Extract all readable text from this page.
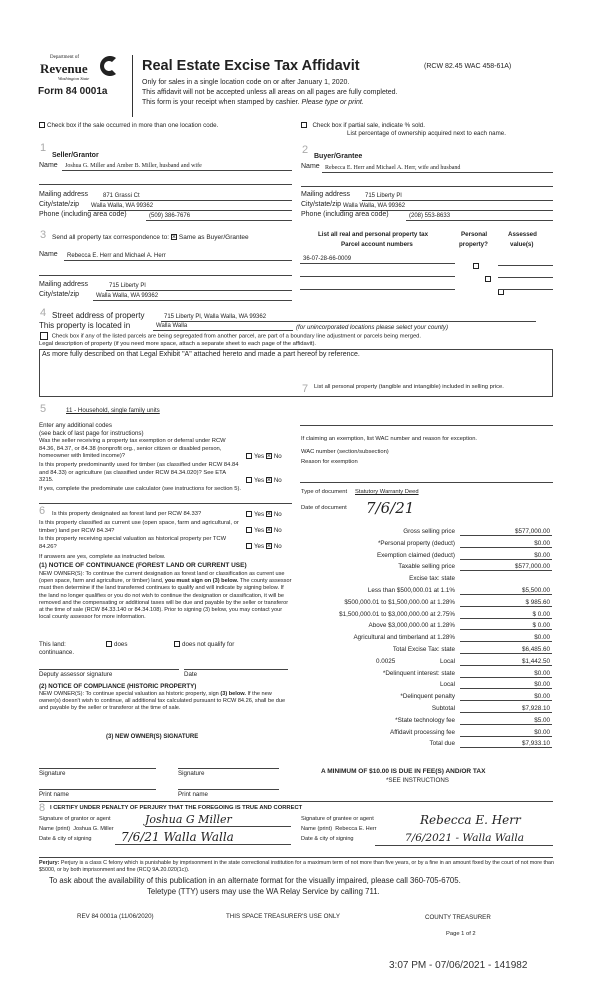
Department of
Revenue
Washington State
Form 84 0001a
Real Estate Excise Tax Affidavit	(RCW 82.45 WAC 458-61A)
Only for sales in a single location code on or after January 1, 2020.
This affidavit will not be accepted unless all areas on all pages are fully completed.
This form is your receipt when stamped by cashier. Please type or print.
Check box if the sale occurred in more than one location code.	Check box if partial sale, indicate % sold.
List percentage of ownership acquired next to each name.
1
Seller/Grantor
Name	Joshua G. Miller and Amber B. Miller, husband and wife
Mailing address	871 Grassi Ct
City/state/zip	Walla Walla, WA 99362
Phone (including area code)	(509) 386-7676
2
Buyer/Grantee
Name Rebecca E. Herr and Michael A. Herr, wife and husband
Mailing address	715 Liberty Pl
City/state/zip Walla Walla, WA 99362
Phone (including area code)	(208) 553-8633
3 Send all property tax correspondence to: × Same as Buyer/Grantee
Name	Rebecca E. Herr and Michael A. Herr
Mailing address	715 Liberty Pl
City/state/zip	Walla Walla, WA 99362
List all real and personal property tax
Parcel account numbers
Personal
property?
Assessed
value(s)
36-07-28-66-0009

4 Street address of property	715 Liberty Pl, Walla Walla, WA 99362
This property is located in	Walla Walla	(for unincorporated locations please select your county)
Check box if any of the listed parcels are being segregated from another parcel, are part of a boundary line adjustment or parcels being merged.
Legal description of property (if you need more space, attach a separate sheet to each page of the affidavit).
As more fully described on that Legal Exhibit "A" attached hereto and made a part hereof by reference.
5	11 - Household, single family units
Enter any additional codes
(see back of last page for instructions)
Was the seller receiving a property tax exemption or deferral under RCW 84.36, 84.37, or 84.38 (nonprofit org., senior citizen or disabled person, homeowner with limited income)?	Yes × No
Is this property predominantly used for timber (as classified under RCW 84.84 and 84.33) or agriculture (as classified under RCW 84.34.020)? See ETA 3215.	Yes × No
If yes, complete the predominate use calculator (see instructions for section 5).
6 Is this property designated as forest land per RCW 84.33?	Yes × No
Is this property classified as current use (open space, farm and agricultural, or timber) land per RCW 84.34?	Yes × No
Is this property receiving special valuation as historical property per TCW 84.26?	Yes × No
If answers are yes, complete as instructed below.
(1) NOTICE OF CONTINUANCE (FOREST LAND OR CURRENT USE)
NEW OWNER(S): To continue the current designation as forest land or classification as current use (open space, farm and agriculture, or timber) land, you must sign on (3) below. The county assessor must then determine if the land transferred continues to qualify and will indicate by signing below. If the land no longer qualifies or you do not wish to continue the designation or classification, it will be removed and the compensating or additional taxes will be due and payable by the seller or transferor at the time of sale (RCW 84.33.140 or 84.34.108). Prior to signing (3) below, you may contact your local county assessor for more information.
This land:
continuance.
does	does not qualify for
Deputy assessor signature	Date
(2) NOTICE OF COMPLIANCE (HISTORIC PROPERTY)
NEW OWNER(S): To continue special valuation as historic property, sign (3) below. If the new owner(s) doesn't wish to continue, all additional tax calculated pursuant to RCW 84.26, shall be due and payable by the seller or transferor at the time of sale.
(3) NEW OWNER(S) SIGNATURE
Signature	Signature
Print name	Print name
7 List all personal property (tangible and intangible) included in selling price.
If claiming an exemption, list WAC number and reason for exception.
WAC number (section/subsection)
Reason for exemption
Type of document Statutory Warranty Deed
Date of document 7/6/21
Gross selling price	$577,000.00
*Personal property (deduct)	$0.00
Exemption claimed (deduct)	$0.00
Taxable selling price	$577,000.00
Excise tax: state
Less than $500,000.01 at 1.1%	$5,500.00
$500,000.01 to $1,500,000.00 at 1.28%	$ 985.60
$1,500,000.01 to $3,000,000.00 at 2.75%	$ 0.00
Above $3,000,000.00 at 1.28%	$ 0.00
Agricultural and timberland at 1.28%	$0.00
Total Excise Tax: state	$6,485.60
Local
0.0025	$1,442.50
*Delinquent interest: state	$0.00
Local	$0.00
*Delinquent penalty	$0.00
Subtotal	$7,928.10
*State technology fee	$5.00
Affidavit processing fee	$0.00
Total due	$7,933.10
A MINIMUM OF $10.00 IS DUE IN FEE(S) AND/OR TAX
*SEE INSTRUCTIONS
8 I CERTIFY UNDER PENALTY OF PERJURY THAT THE FOREGOING IS TRUE AND CORRECT
Signature of grantor or agent	Joshua G Miller
Name (print) Joshua G. Miller
Date & city of signing	7/6/21 Walla Walla
Signature of grantee or agent	Rebecca E. Herr
Name (print) Rebecca E. Herr
Date & city of signing	7/6/2021 - Walla Walla
Perjury: Perjury is a class C felony which is punishable by imprisonment in the state correctional institution for a maximum term of not more than five years, or by a fine in an amount fixed by the court of not more than $5000, or by both imprisonment and fine (RCQ 9A.20.020(1c)).
To ask about the availability of this publication in an alternate format for the visually impaired, please call 360-705-6705.
Teletype (TTY) users may use the WA Relay Service by calling 711.
REV 84 0001a (11/06/2020)	THIS SPACE TREASURER'S USE ONLY	COUNTY TREASURER
Page 1 of 2
3:07 PM - 07/06/2021 - 141982
